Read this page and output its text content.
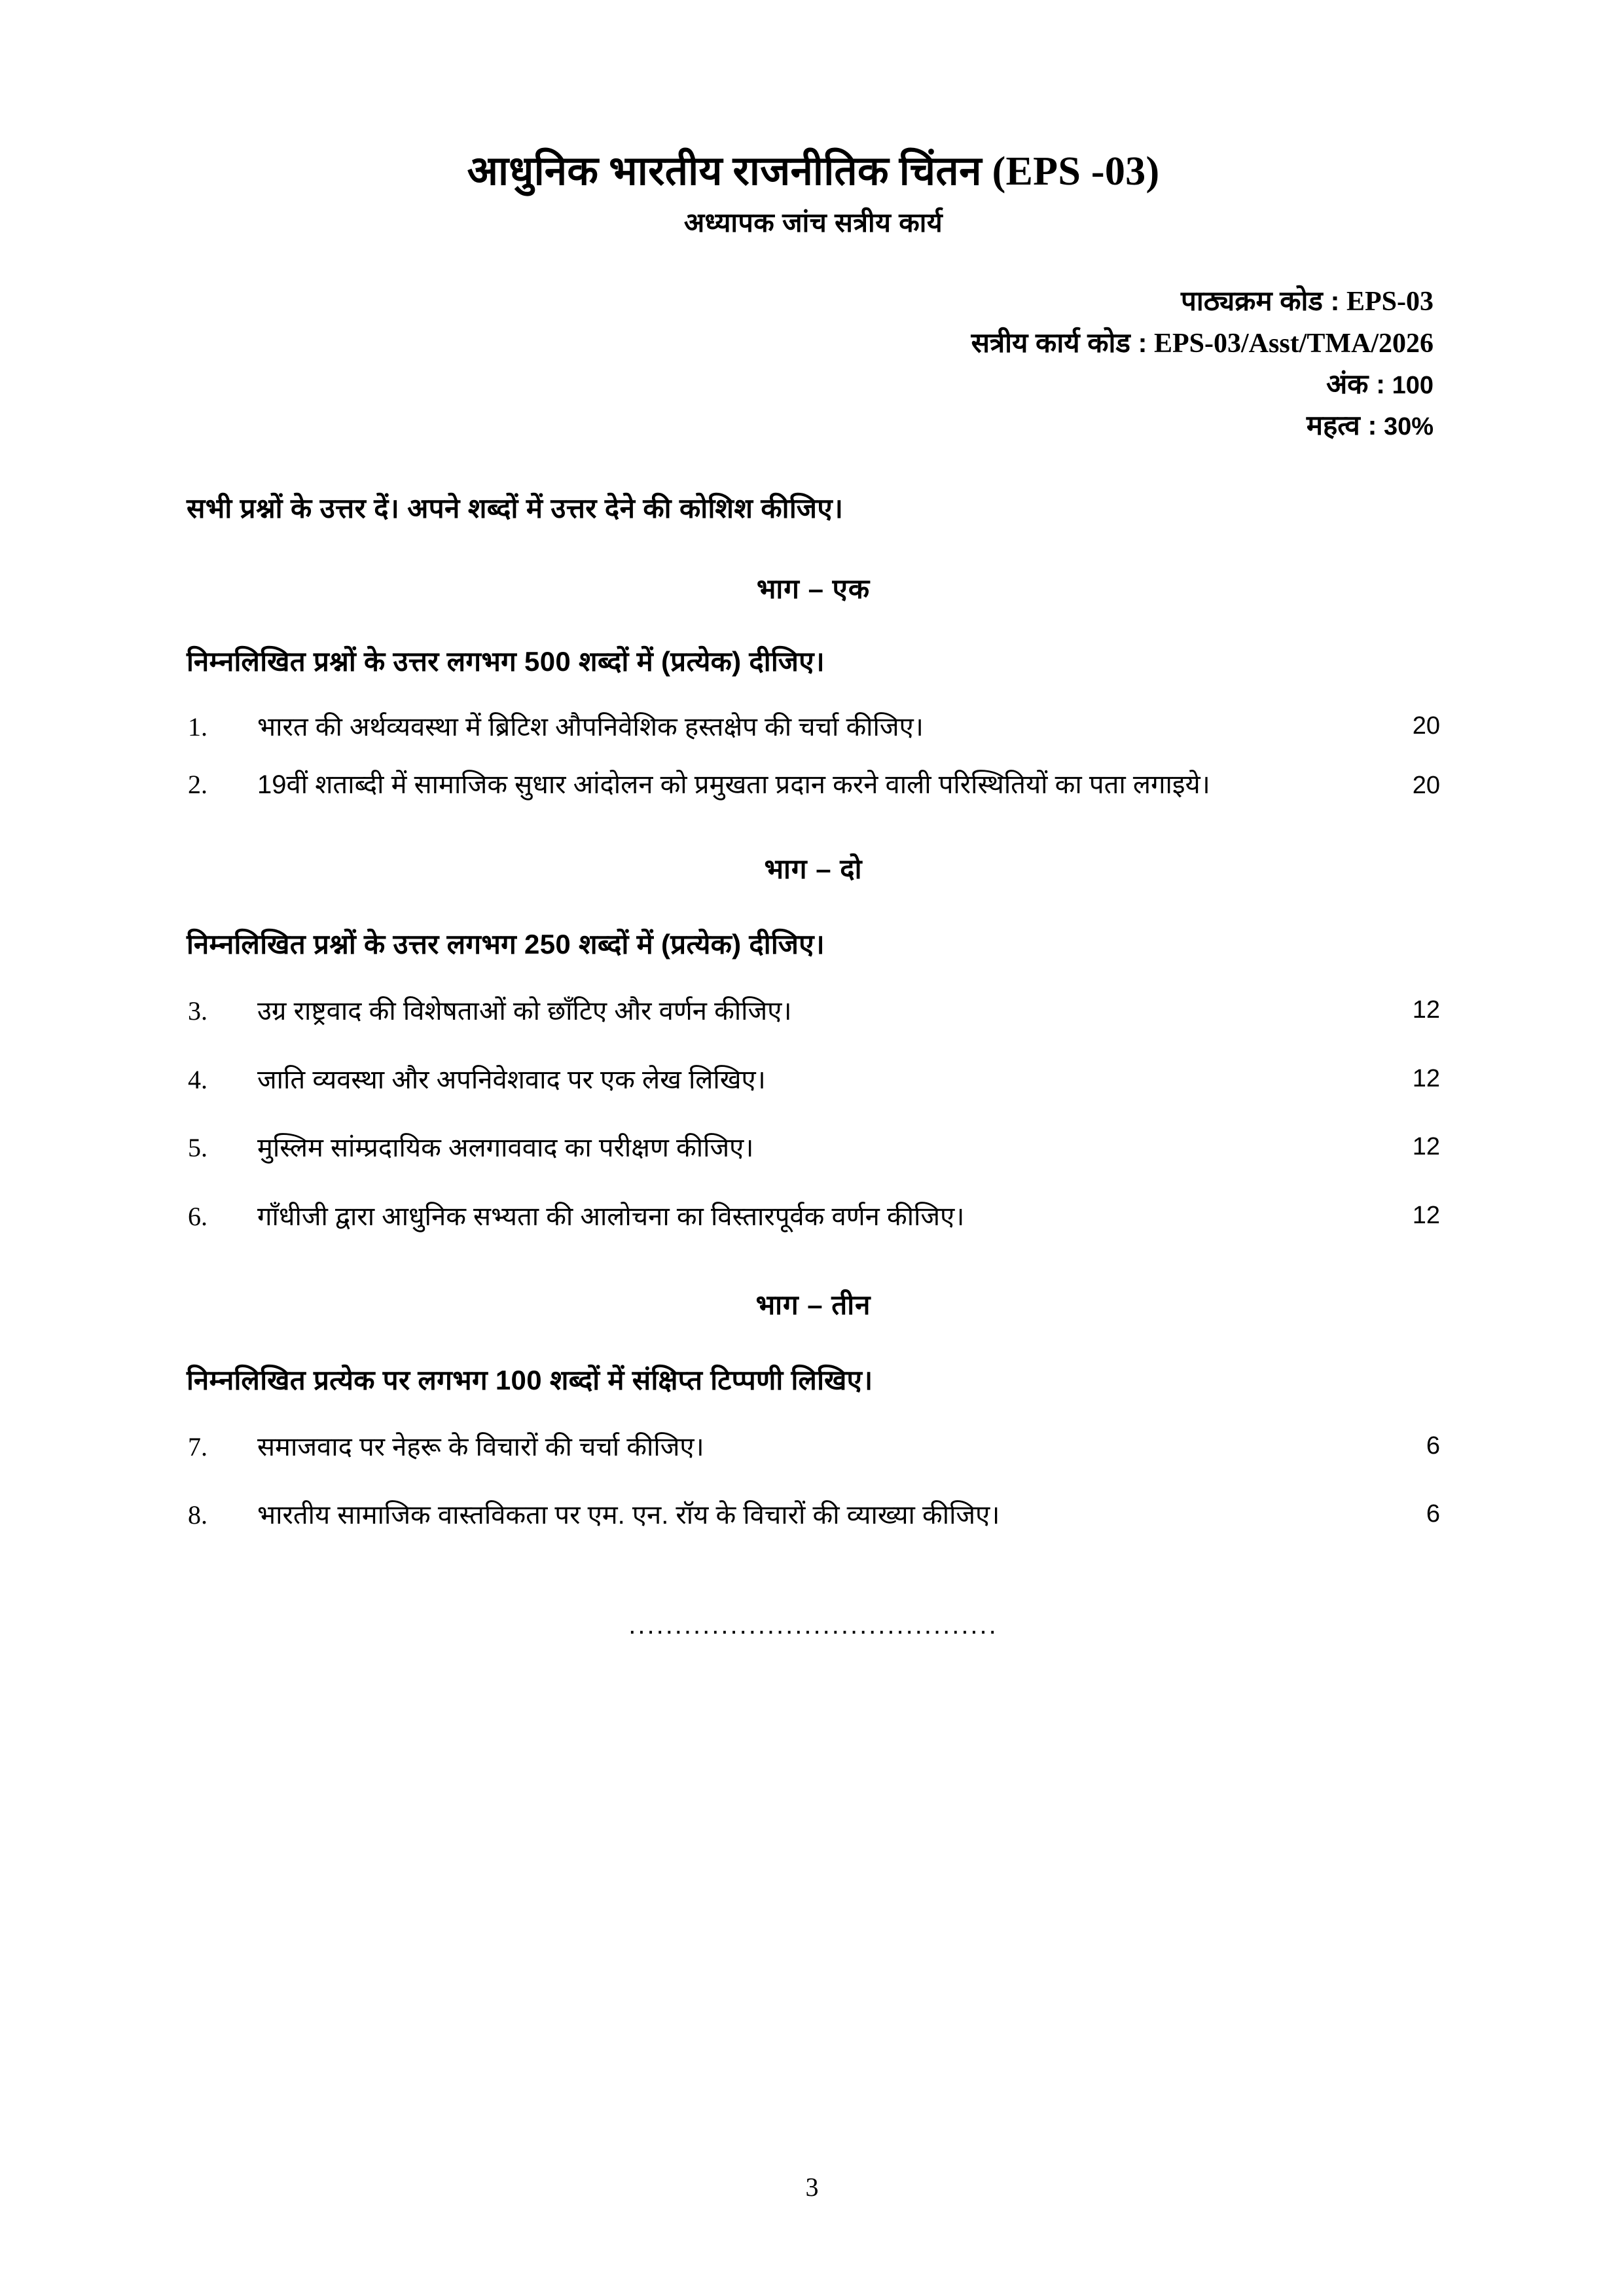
आधुनिक भारतीय राजनीतिक चिंतन (EPS -03)
अध्यापक जांच सत्रीय कार्य
पाठ्यक्रम कोड : EPS-03
सत्रीय कार्य कोड : EPS-03/Asst/TMA/2026
अंक : 100
महत्व : 30%
सभी प्रश्नों के उत्तर दें। अपने शब्दों में उत्तर देने की कोशिश कीजिए।
भाग – एक
निम्नलिखित प्रश्नों के उत्तर लगभग 500 शब्दों में (प्रत्येक) दीजिए।
1.	भारत की अर्थव्यवस्था में ब्रिटिश औपनिवेशिक हस्तक्षेप की चर्चा कीजिए।	20
2.	19वीं शताब्दी में सामाजिक सुधार आंदोलन को प्रमुखता प्रदान करने वाली परिस्थितियों का पता लगाइये।	20
भाग – दो
निम्नलिखित प्रश्नों के उत्तर लगभग 250 शब्दों में (प्रत्येक) दीजिए।
3.	उग्र राष्ट्रवाद की विशेषताओं को छाँटिए और वर्णन कीजिए।	12
4.	जाति व्यवस्था और अपनिवेशवाद पर एक लेख लिखिए।	12
5.	मुस्लिम सांम्प्रदायिक अलगाववाद का परीक्षण कीजिए।	12
6.	गाँधीजी द्वारा आधुनिक सभ्यता की आलोचना का विस्तारपूर्वक वर्णन कीजिए।	12
भाग – तीन
निम्नलिखित प्रत्येक पर लगभग 100 शब्दों में संक्षिप्त टिप्पणी लिखिए।
7.	समाजवाद पर नेहरू के विचारों की चर्चा कीजिए।	6
8.	भारतीय सामाजिक वास्तविकता पर एम. एन. रॉय के विचारों की व्याख्या कीजिए।	6
........................................
3
